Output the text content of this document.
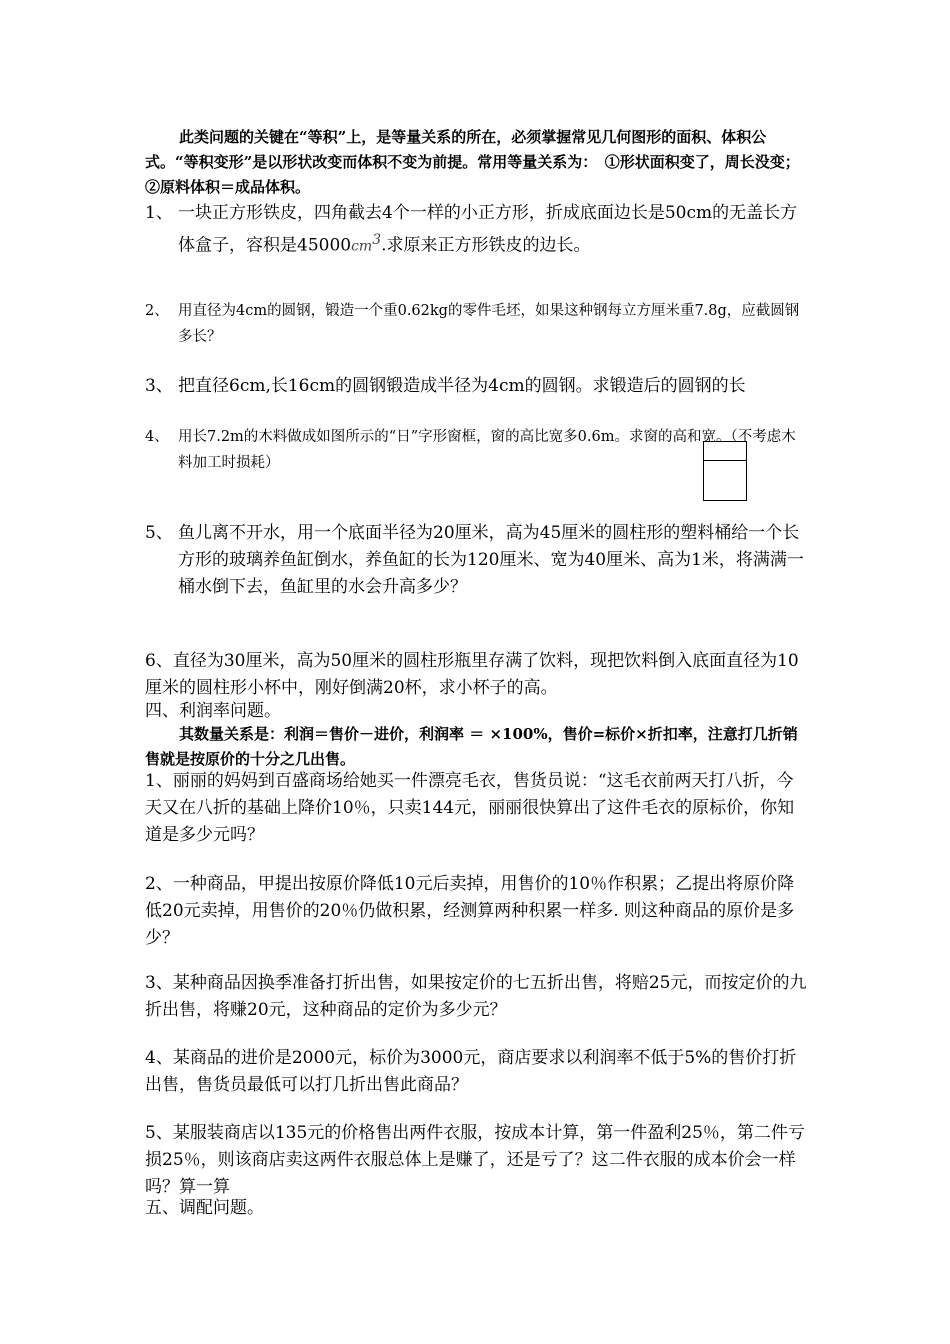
此类问题的关键在“等积”上，是等量关系的所在，必须掌握常见几何图形的面积、体积公式。“等积变形”是以形状改变而体积不变为前提。常用等量关系为：　①形状面积变了，周长没变；②原料体积＝成品体积。

1、 一块正方形铁皮，四角截去4个一样的小正方形，折成底面边长是50cm的无盖长方体盒子，容积是$45000cm^3$.求原来正方形铁皮的边长。
2、 用直径为4cm的圆钢，锻造一个重0.62kg的零件毛坯，如果这种钢每立方厘米重7.8g，应截圆钢多长？
3、 把直径6cm,长16cm的圆钢锻造成半径为4cm的圆钢。求锻造后的圆钢的长
4、 用长7.2m的木料做成如图所示的“日”字形窗框，窗的高比宽多0.6m。求窗的高和宽。（不考虑木料加工时损耗）
5、 鱼儿离不开水，用一个底面半径为20厘米，高为45厘米的圆柱形的塑料桶给一个长方形的玻璃养鱼缸倒水，养鱼缸的长为120厘米、宽为40厘米、高为1米，将满满一桶水倒下去，鱼缸里的水会升高多少？

6、直径为30厘米，高为50厘米的圆柱形瓶里存满了饮料，现把饮料倒入底面直径为10厘米的圆柱形小杯中，刚好倒满20杯，求小杯子的高。

四、利润率问题。

其数量关系是：利润＝售价－进价，利润率 ＝ ×100%，售价=标价×折扣率，注意打几折销售就是按原价的十分之几出售。

1、丽丽的妈妈到百盛商场给她买一件漂亮毛衣，售货员说：“这毛衣前两天打八折，今天又在八折的基础上降价10％，只卖144元，丽丽很快算出了这件毛衣的原标价，你知道是多少元吗？

2、一种商品，甲提出按原价降低10元后卖掉，用售价的10％作积累；乙提出将原价降低20元卖掉，用售价的20％仍做积累，经测算两种积累一样多. 则这种商品的原价是多少？

3、某种商品因换季准备打折出售，如果按定价的七五折出售，将赔25元，而按定价的九折出售，将赚20元，这种商品的定价为多少元？

4、某商品的进价是2000元，标价为3000元，商店要求以利润率不低于5%的售价打折出售，售货员最低可以打几折出售此商品？

5、某服装商店以135元的价格售出两件衣服，按成本计算，第一件盈利25％，第二件亏损25％，则该商店卖这两件衣服总体上是赚了，还是亏了？这二件衣服的成本价会一样吗？算一算

五、调配问题。
